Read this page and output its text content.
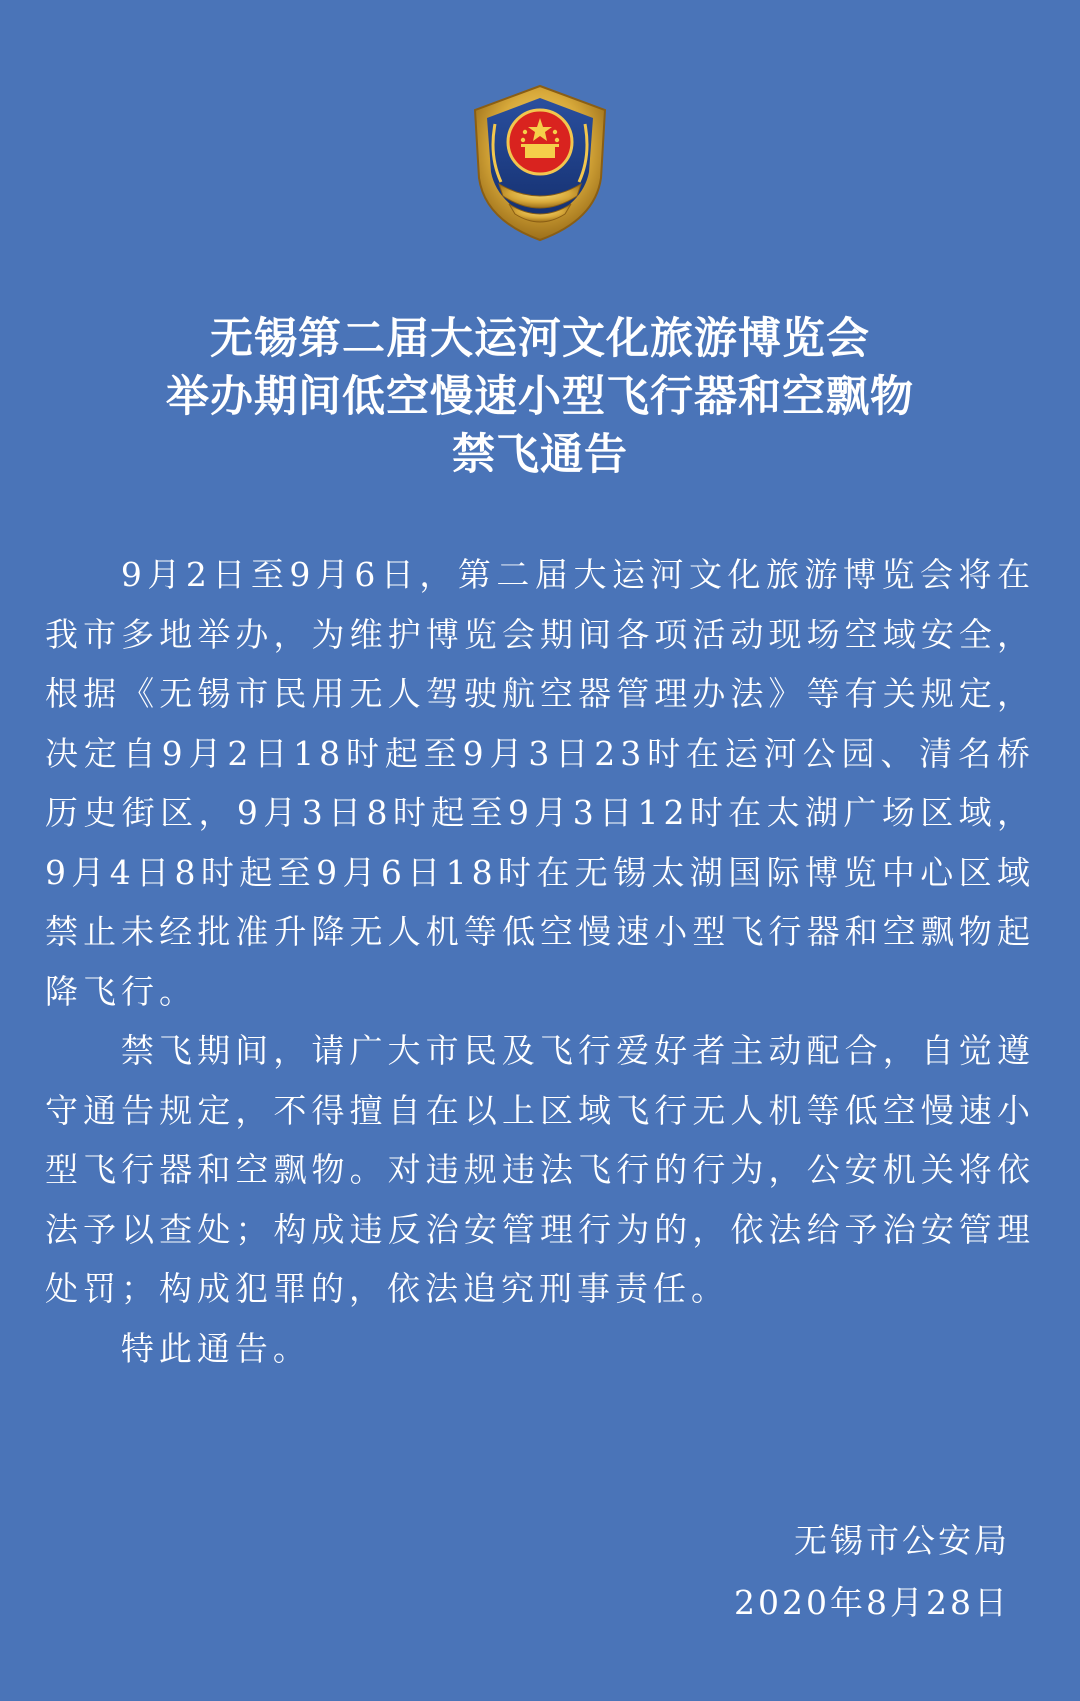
无锡第二届大运河文化旅游博览会
举办期间低空慢速小型飞行器和空飘物
禁飞通告

9月2日至9月6日，第二届大运河文化旅游博览会将在我市多地举办，为维护博览会期间各项活动现场空域安全，根据《无锡市民用无人驾驶航空器管理办法》等有关规定，决定自9月2日18时起至9月3日23时在运河公园、清名桥历史街区，9月3日8时起至9月3日12时在太湖广场区域，9月4日8时起至9月6日18时在无锡太湖国际博览中心区域禁止未经批准升降无人机等低空慢速小型飞行器和空飘物起降飞行。

禁飞期间，请广大市民及飞行爱好者主动配合，自觉遵守通告规定，不得擅自在以上区域飞行无人机等低空慢速小型飞行器和空飘物。对违规违法飞行的行为，公安机关将依法予以查处；构成违反治安管理行为的，依法给予治安管理处罚；构成犯罪的，依法追究刑事责任。

特此通告。

无锡市公安局
2020年8月28日
